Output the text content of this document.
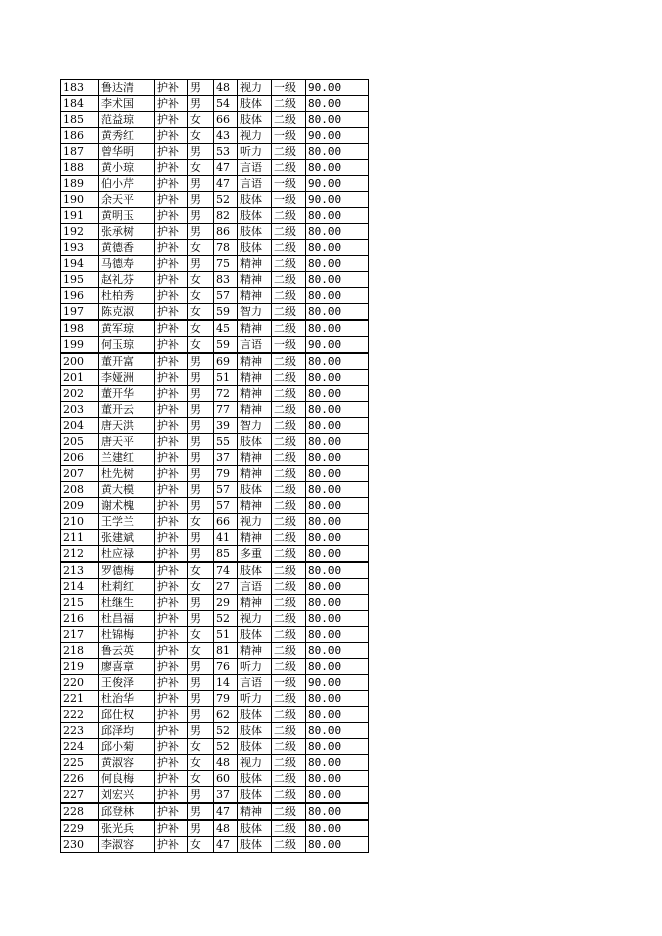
183	鲁达清	护补	男	48	视力	一级	90.00
184	李术国	护补	男	54	肢体	二级	80.00
185	范益琼	护补	女	66	肢体	二级	80.00
186	黄秀红	护补	女	43	视力	一级	90.00
187	曾华明	护补	男	53	听力	二级	80.00
188	黄小琼	护补	女	47	言语	二级	80.00
189	伯小芹	护补	男	47	言语	一级	90.00
190	余天平	护补	男	52	肢体	一级	90.00
191	黄明玉	护补	男	82	肢体	二级	80.00
192	张承树	护补	男	86	肢体	二级	80.00
193	黄德香	护补	女	78	肢体	二级	80.00
194	马德寿	护补	男	75	精神	二级	80.00
195	赵礼芬	护补	女	83	精神	二级	80.00
196	杜柏秀	护补	女	57	精神	二级	80.00
197	陈克淑	护补	女	59	智力	二级	80.00
198	黄军琼	护补	女	45	精神	二级	80.00
199	何玉琼	护补	女	59	言语	一级	90.00
200	董开富	护补	男	69	精神	二级	80.00
201	李娅洲	护补	男	51	精神	二级	80.00
202	董开华	护补	男	72	精神	二级	80.00
203	董开云	护补	男	77	精神	二级	80.00
204	唐天洪	护补	男	39	智力	二级	80.00
205	唐天平	护补	男	55	肢体	二级	80.00
206	兰建红	护补	男	37	精神	二级	80.00
207	杜先树	护补	男	79	精神	二级	80.00
208	黄大模	护补	男	57	肢体	二级	80.00
209	谢术槐	护补	男	57	精神	二级	80.00
210	王学兰	护补	女	66	视力	二级	80.00
211	张建斌	护补	男	41	精神	二级	80.00
212	杜应禄	护补	男	85	多重	二级	80.00
213	罗德梅	护补	女	74	肢体	二级	80.00
214	杜莉红	护补	女	27	言语	二级	80.00
215	杜继生	护补	男	29	精神	二级	80.00
216	杜昌福	护补	男	52	视力	二级	80.00
217	杜锦梅	护补	女	51	肢体	二级	80.00
218	鲁云英	护补	女	81	精神	二级	80.00
219	廖喜章	护补	男	76	听力	二级	80.00
220	王俊泽	护补	男	14	言语	一级	90.00
221	杜治华	护补	男	79	听力	二级	80.00
222	邱仕权	护补	男	62	肢体	二级	80.00
223	邱泽均	护补	男	52	肢体	二级	80.00
224	邱小菊	护补	女	52	肢体	二级	80.00
225	黄淑容	护补	女	48	视力	二级	80.00
226	何良梅	护补	女	60	肢体	二级	80.00
227	刘宏兴	护补	男	37	肢体	二级	80.00
228	邱登林	护补	男	47	精神	二级	80.00
229	张光兵	护补	男	48	肢体	二级	80.00
230	李淑容	护补	女	47	肢体	二级	80.00
